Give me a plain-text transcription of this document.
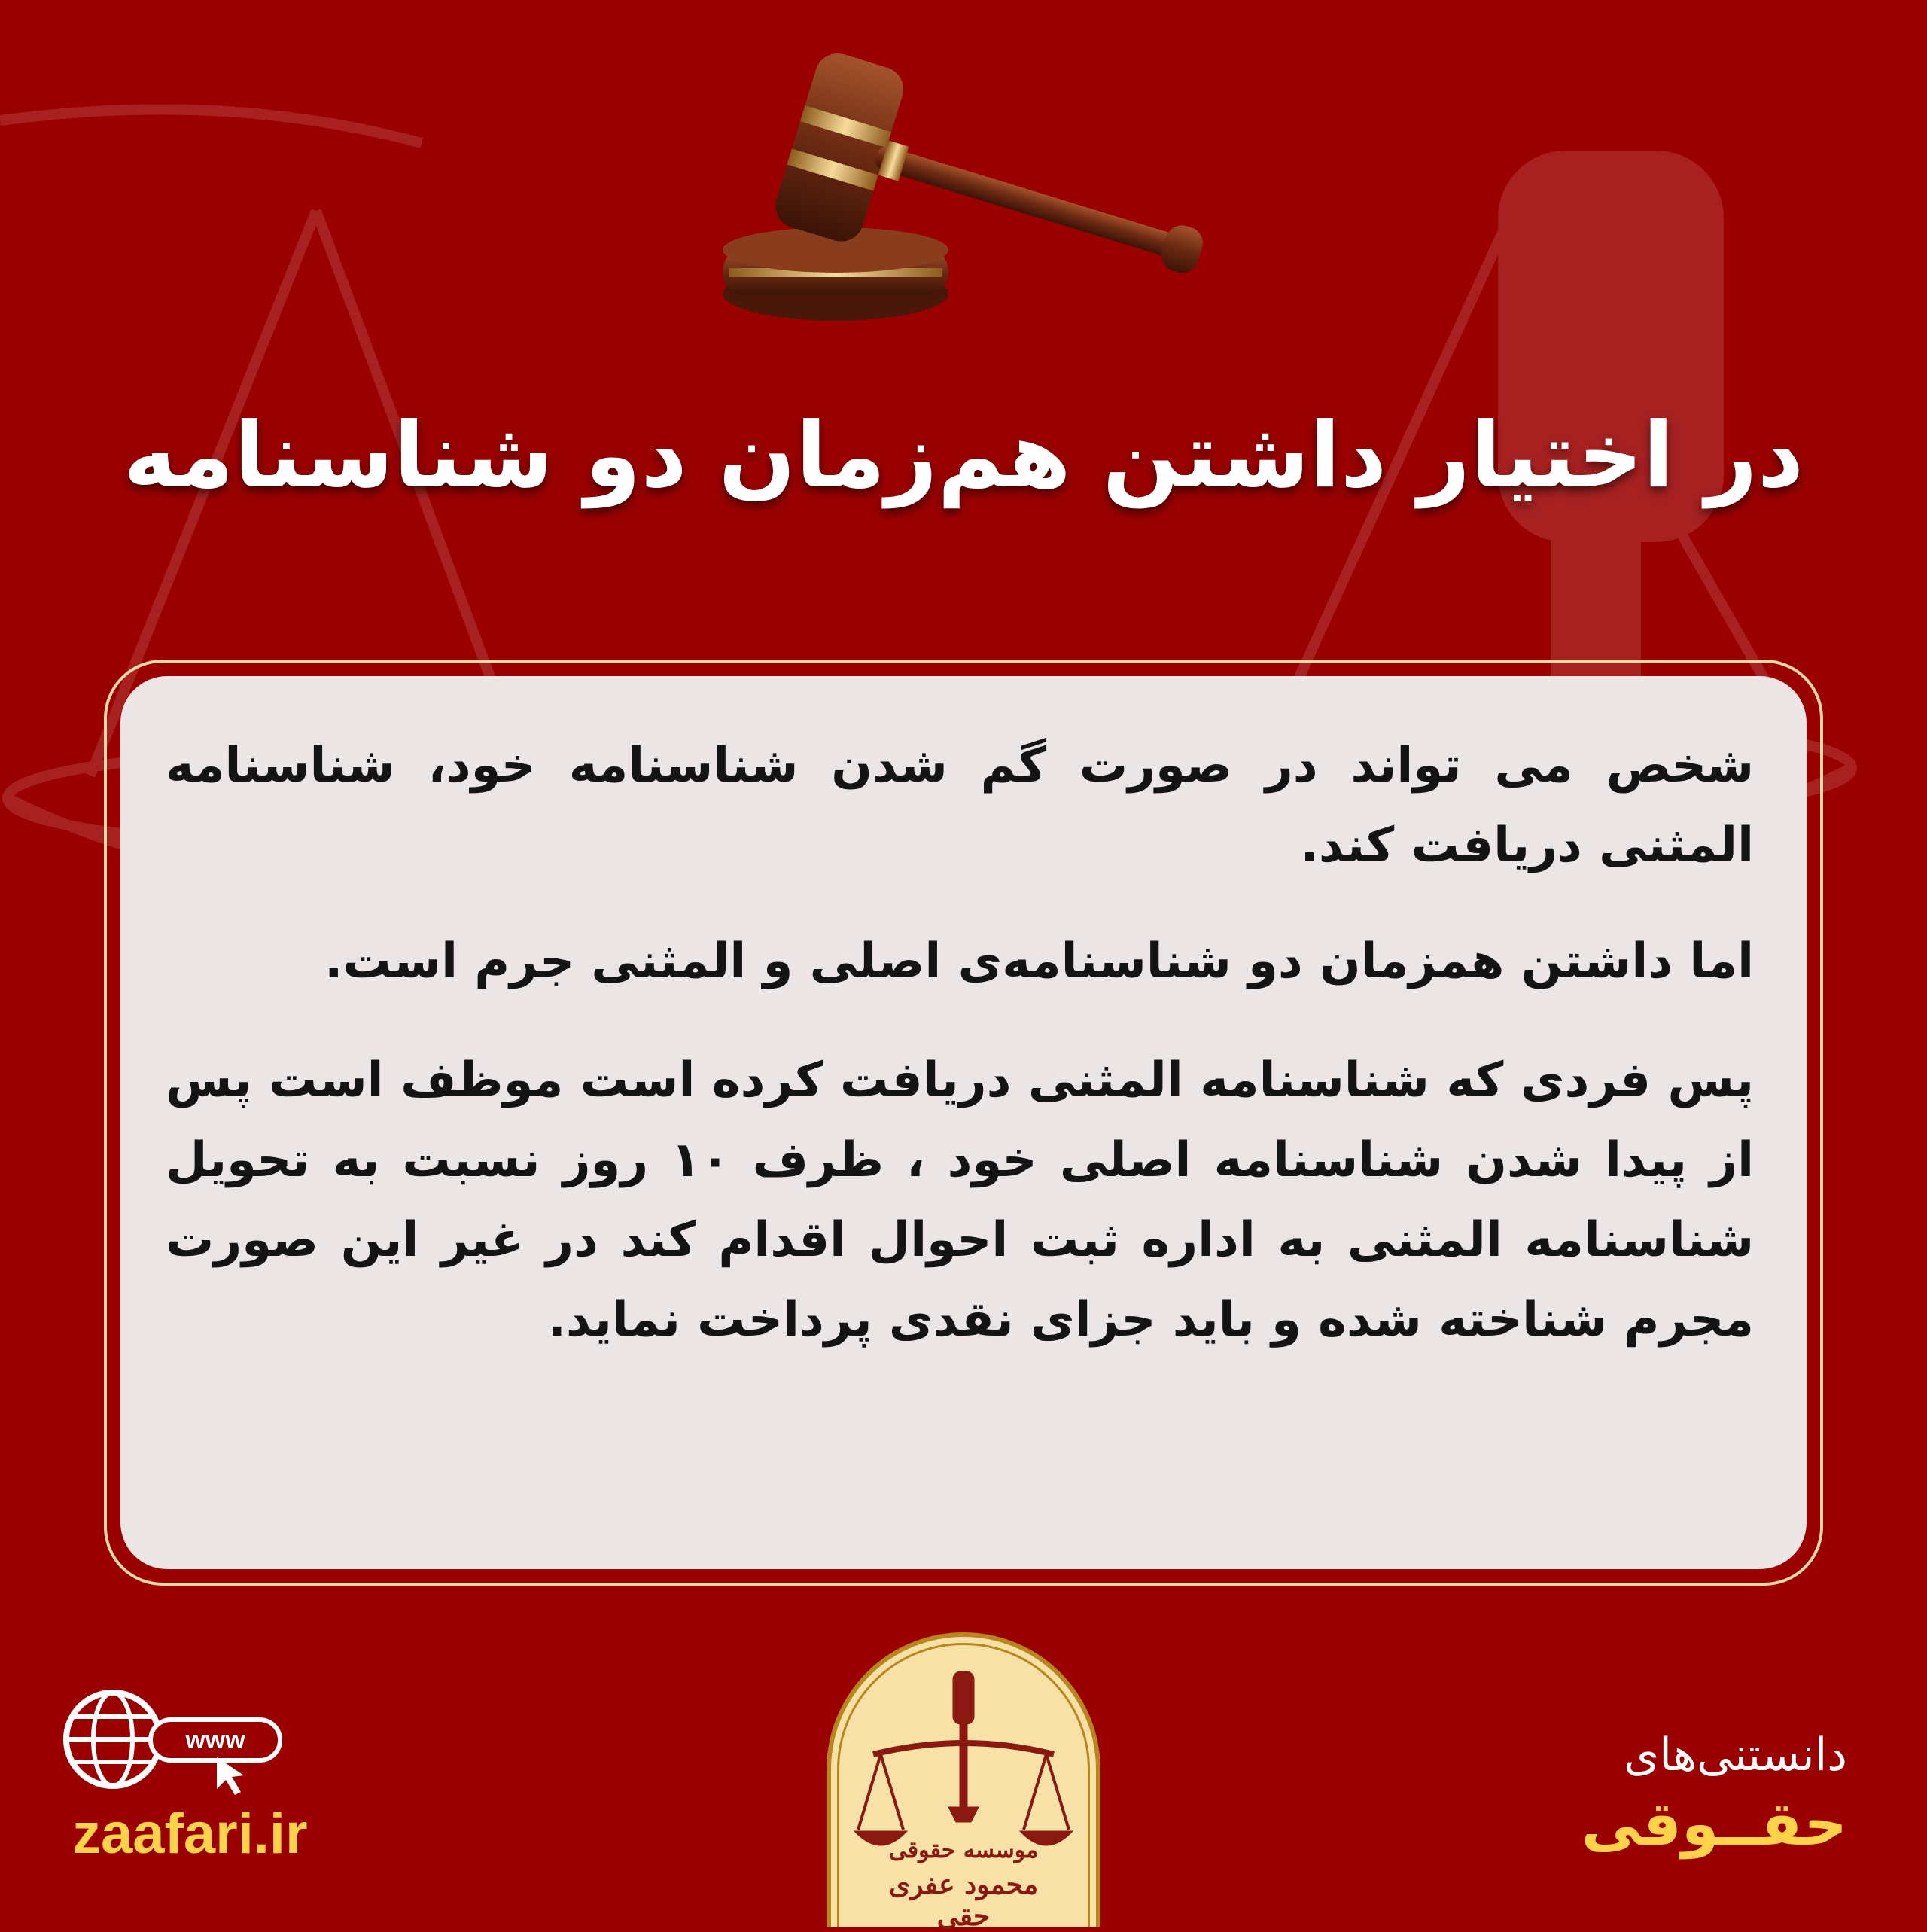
در اختیار داشتن هم‌زمان دو شناسنامه

شخص می تواند در صورت گم شدن شناسنامه خود، شناسنامه المثنی دریافت کند.

اما داشتن همزمان دو شناسنامه‌ی اصلی و المثنی جرم است.

پس فردی که شناسنامه المثنی دریافت کرده است موظف است پس از پیدا شدن شناسنامه اصلی خود ، ظرف ۱۰ روز نسبت به تحویل شناسنامه المثنی به اداره ثبت احوال اقدام کند در غیر این صورت مجرم شناخته شده و باید جزای نقدی پرداخت نماید.

موسسه حقوقی
محمود عفری حقی
www
zaafari.ir
دانستنی‌های
حقــوقی
